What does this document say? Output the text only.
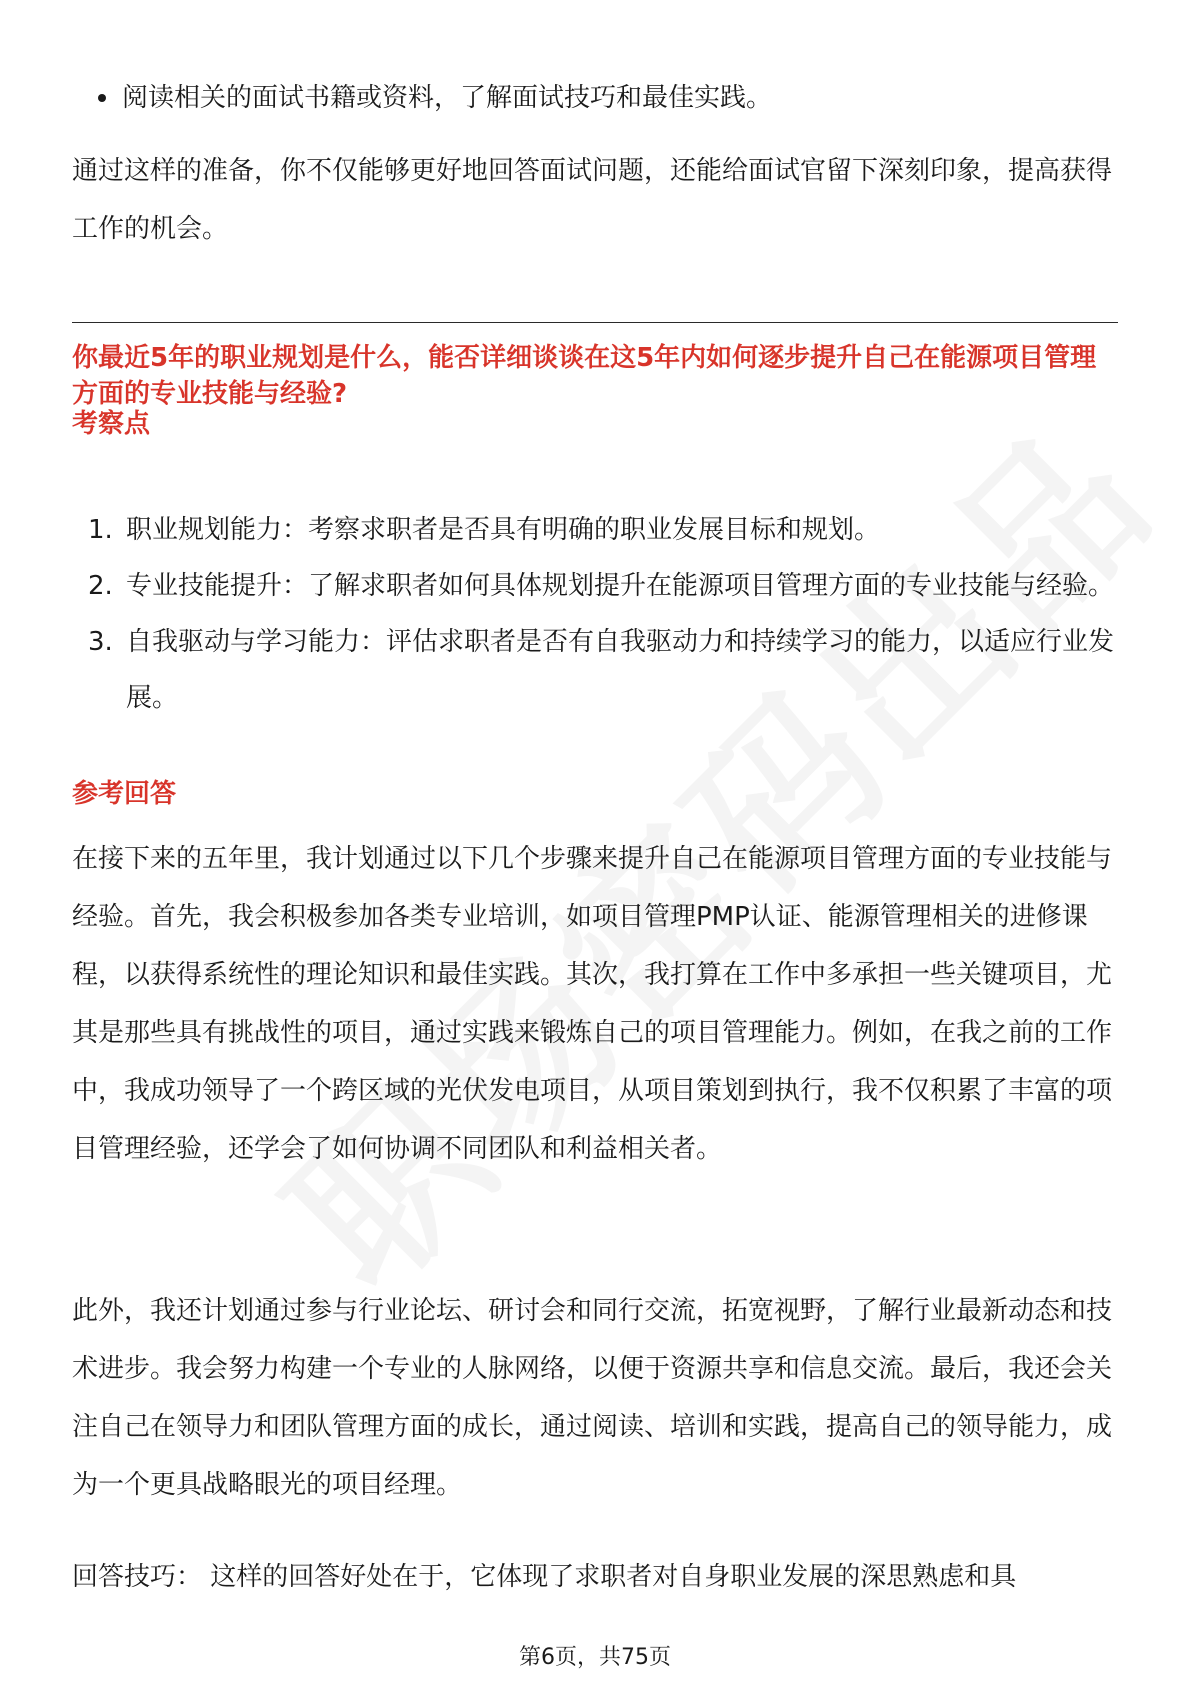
阅读相关的面试书籍或资料，了解面试技巧和最佳实践。

通过这样的准备，你不仅能够更好地回答面试问题，还能给面试官留下深刻印象，提高获得工作的机会。

你最近5年的职业规划是什么，能否详细谈谈在这5年内如何逐步提升自己在能源项目管理方面的专业技能与经验?

考察点

1. 职业规划能力：考察求职者是否具有明确的职业发展目标和规划。
2. 专业技能提升：了解求职者如何具体规划提升在能源项目管理方面的专业技能与经验。
3. 自我驱动与学习能力：评估求职者是否有自我驱动力和持续学习的能力，以适应行业发展。

参考回答

在接下来的五年里，我计划通过以下几个步骤来提升自己在能源项目管理方面的专业技能与经验。首先，我会积极参加各类专业培训，如项目管理PMP认证、能源管理相关的进修课程，以获得系统性的理论知识和最佳实践。其次，我打算在工作中多承担一些关键项目，尤其是那些具有挑战性的项目，通过实践来锻炼自己的项目管理能力。例如，在我之前的工作中，我成功领导了一个跨区域的光伏发电项目，从项目策划到执行，我不仅积累了丰富的项目管理经验，还学会了如何协调不同团队和利益相关者。

此外，我还计划通过参与行业论坛、研讨会和同行交流，拓宽视野，了解行业最新动态和技术进步。我会努力构建一个专业的人脉网络，以便于资源共享和信息交流。最后，我还会关注自己在领导力和团队管理方面的成长，通过阅读、培训和实践，提高自己的领导能力，成为一个更具战略眼光的项目经理。

回答技巧： 这样的回答好处在于，它体现了求职者对自身职业发展的深思熟虑和具

第6页，共75页
